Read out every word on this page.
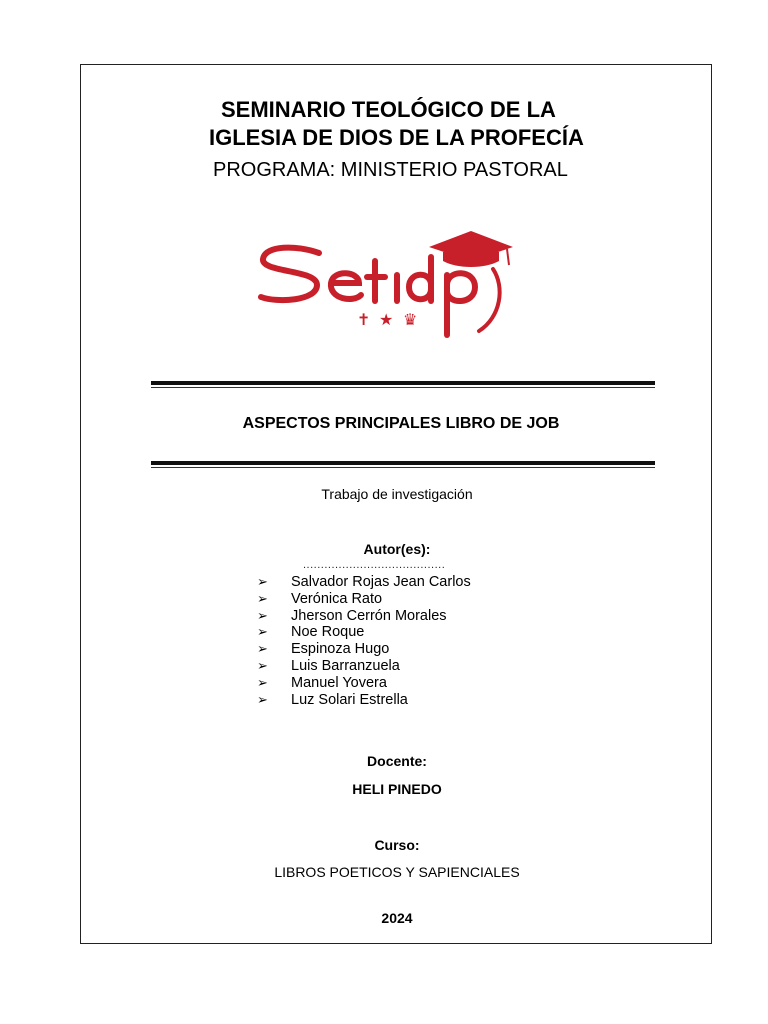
SEMINARIO TEOLÓGICO DE LA
IGLESIA DE DIOS DE LA PROFECÍA
PROGRAMA: MINISTERIO PASTORAL
✝ ★ ♛
ASPECTOS PRINCIPALES LIBRO DE JOB
Trabajo de investigación
Autor(es):
........................................
➢ Salvador Rojas Jean Carlos
➢ Verónica Rato
➢ Jherson Cerrón Morales
➢ Noe Roque
➢ Espinoza Hugo
➢ Luis Barranzuela
➢ Manuel Yovera
➢ Luz Solari Estrella
Docente:
HELI PINEDO
Curso:
LIBROS POETICOS Y SAPIENCIALES
2024
